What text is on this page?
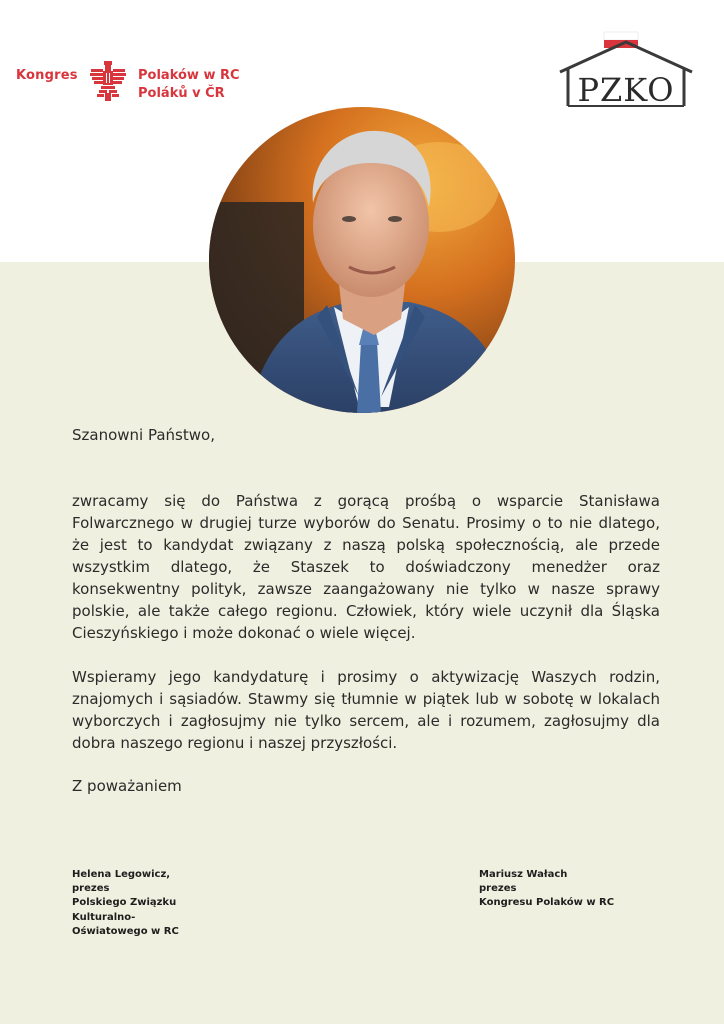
Kongres	Polaków w RC
Poláků v ČR	PZKO
Szanowni Państwo,

zwracamy się do Państwa z gorącą prośbą o wsparcie Stanisława Folwarcznego w drugiej turze wyborów do Senatu. Prosimy o to nie dlatego, że jest to kandydat związany z naszą polską społecznością, ale przede wszystkim dlatego, że Staszek to doświadczony menedżer oraz konsekwentny polityk, zawsze zaangażowany nie tylko w nasze sprawy polskie, ale także całego regionu. Człowiek, który wiele uczynił dla Śląska Cieszyńskiego i może dokonać o wiele więcej.

Wspieramy jego kandydaturę i prosimy o aktywizację Waszych rodzin, znajomych i sąsiadów. Stawmy się tłumnie w piątek lub w sobotę w lokalach wyborczych i zagłosujmy nie tylko sercem, ale i rozumem, zagłosujmy dla dobra naszego regionu i naszej przyszłości.

Z poważaniem
Helena Legowicz,
prezes
Polskiego Związku
Kulturalno-
Oświatowego w RC
Mariusz Wałach
prezes
Kongresu Polaków w RC
